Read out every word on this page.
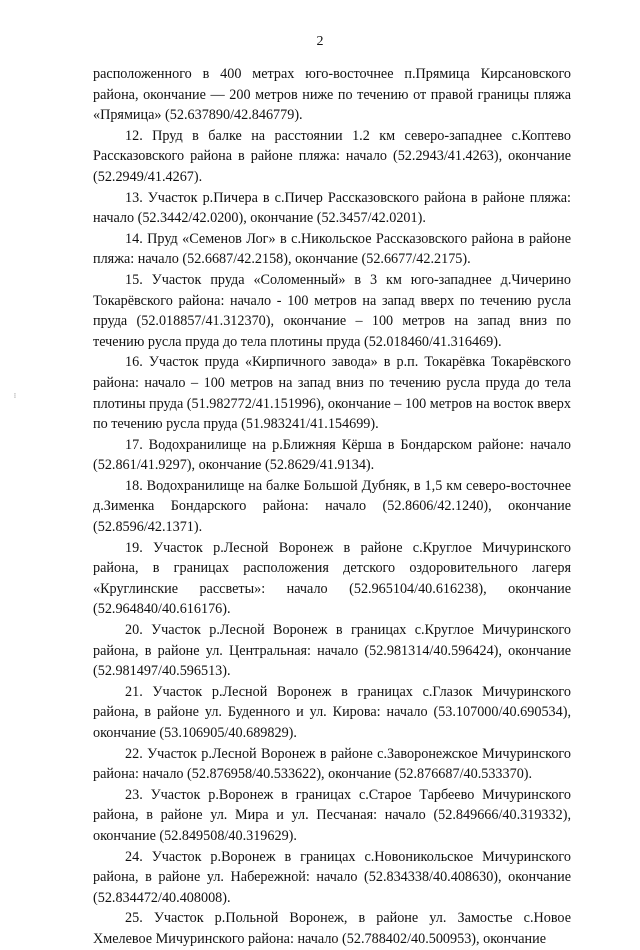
2
⁞

расположенного в 400 метрах юго-восточнее п.Прямица Кирсановского района, окончание — 200 метров ниже по течению от правой границы пляжа «Прямица» (52.637890/42.846779).

12. Пруд в балке на расстоянии 1.2 км северо-западнее с.Коптево Рассказовского района в районе пляжа: начало (52.2943/41.4263), окончание (52.2949/41.4267).

13. Участок р.Пичера в с.Пичер Рассказовского района в районе пляжа: начало (52.3442/42.0200), окончание (52.3457/42.0201).

14. Пруд «Семенов Лог» в с.Никольское Рассказовского района в районе пляжа: начало (52.6687/42.2158), окончание (52.6677/42.2175).

15. Участок пруда «Соломенный» в 3 км юго-западнее д.Чичерино Токарёвского района: начало - 100 метров на запад вверх по течению русла пруда (52.018857/41.312370), окончание – 100 метров на запад вниз по течению русла пруда до тела плотины пруда (52.018460/41.316469).

16. Участок пруда «Кирпичного завода» в р.п. Токарёвка Токарёвского района: начало – 100 метров на запад вниз по течению русла пруда до тела плотины пруда (51.982772/41.151996), окончание – 100 метров на восток вверх по течению русла пруда (51.983241/41.154699).

17. Водохранилище на р.Ближняя Кёрша в Бондарском районе: начало (52.861/41.9297), окончание (52.8629/41.9134).

18. Водохранилище на балке Большой Дубняк, в 1,5 км северо-восточнее д.Зименка Бондарского района: начало (52.8606/42.1240), окончание (52.8596/42.1371).

19. Участок р.Лесной Воронеж в районе с.Круглое Мичуринского района, в границах расположения детского оздоровительного лагеря «Круглинские рассветы»: начало (52.965104/40.616238), окончание (52.964840/40.616176).

20. Участок р.Лесной Воронеж в границах с.Круглое Мичуринского района, в районе ул. Центральная: начало (52.981314/40.596424), окончание (52.981497/40.596513).

21. Участок р.Лесной Воронеж в границах с.Глазок Мичуринского района, в районе ул. Буденного и ул. Кирова: начало (53.107000/40.690534), окончание (53.106905/40.689829).

22. Участок р.Лесной Воронеж в районе с.Заворонежское Мичуринского района: начало (52.876958/40.533622), окончание (52.876687/40.533370).

23. Участок р.Воронеж в границах с.Старое Тарбеево Мичуринского района, в районе ул. Мира и ул. Песчаная: начало (52.849666/40.319332), окончание (52.849508/40.319629).

24. Участок р.Воронеж в границах с.Новоникольское Мичуринского района, в районе ул. Набережной: начало (52.834338/40.408630), окончание (52.834472/40.408008).

25. Участок р.Польной Воронеж, в районе ул. Замостье с.Новое Хмелевое Мичуринского района: начало (52.788402/40.500953), окончание
